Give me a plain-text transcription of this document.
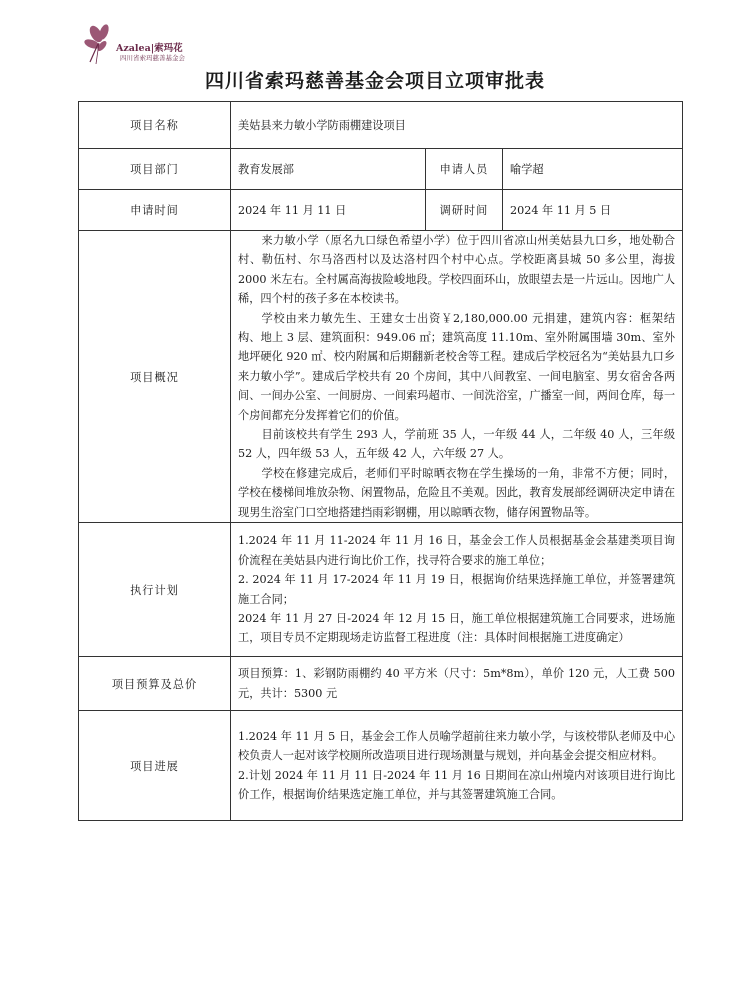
Azalea|索玛花
四川省索玛慈善基金会
四川省索玛慈善基金会项目立项审批表
项目名称	美姑县来力敏小学防雨棚建设项目		
项目部门	教育发展部	申请人员	喻学超
申请时间	2024 年 11 月 11 日	调研时间	2024 年 11 月 5 日
项目概况	来力敏小学（原名九口绿色希望小学）位于四川省凉山州美姑县九口乡，地处勒合村、勒伍村、尔马洛西村以及达洛村四个村中心点。学校距离县城 50 多公里，海拔 2000 米左右。全村属高海拔险峻地段。学校四面环山，放眼望去是一片远山。因地广人稀，四个村的孩子多在本校读书。

学校由来力敏先生、王建女士出资￥2,180,000.00 元捐建，建筑内容：框架结构、地上 3 层、建筑面积：949.06 ㎡；建筑高度 11.10m、室外附属围墙 30m、室外地坪硬化 920 ㎡、校内附属和后期翻新老校舍等工程。建成后学校冠名为“美姑县九口乡来力敏小学”。建成后学校共有 20 个房间，其中八间教室、一间电脑室、男女宿舍各两间、一间办公室、一间厨房、一间索玛超市、一间洗浴室，广播室一间，两间仓库，每一个房间都充分发挥着它们的价值。

目前该校共有学生 293 人，学前班 35 人，一年级 44 人，二年级 40 人，三年级 52 人，四年级 53 人，五年级 42 人，六年级 27 人。

学校在修建完成后，老师们平时晾晒衣物在学生操场的一角，非常不方便；同时，学校在楼梯间堆放杂物、闲置物品，危险且不美观。因此，教育发展部经调研决定申请在现男生浴室门口空地搭建挡雨彩钢棚，用以晾晒衣物，储存闲置物品等。		

执行计划	1.2024 年 11 月 11-2024 年 11 月 16 日，基金会工作人员根据基金会基建类项目询价流程在美姑县内进行询比价工作，找寻符合要求的施工单位；

2. 2024 年 11 月 17-2024 年 11 月 19 日，根据询价结果选择施工单位，并签署建筑施工合同；

2024 年 11 月 27 日-2024 年 12 月 15 日，施工单位根据建筑施工合同要求，进场施工，项目专员不定期现场走访监督工程进度（注：具体时间根据施工进度确定）		

项目预算及总价	项目预算：1、彩钢防雨棚约 40 平方米（尺寸：5m*8m），单价 120 元，人工费 500 元，共计：5300 元		

项目进展	1.2024 年 11 月 5 日，基金会工作人员喻学超前往来力敏小学，与该校带队老师及中心校负责人一起对该学校厕所改造项目进行现场测量与规划，并向基金会提交相应材料。

2.计划 2024 年 11 月 11 日-2024 年 11 月 16 日期间在凉山州境内对该项目进行询比价工作，根据询价结果选定施工单位，并与其签署建筑施工合同。		
